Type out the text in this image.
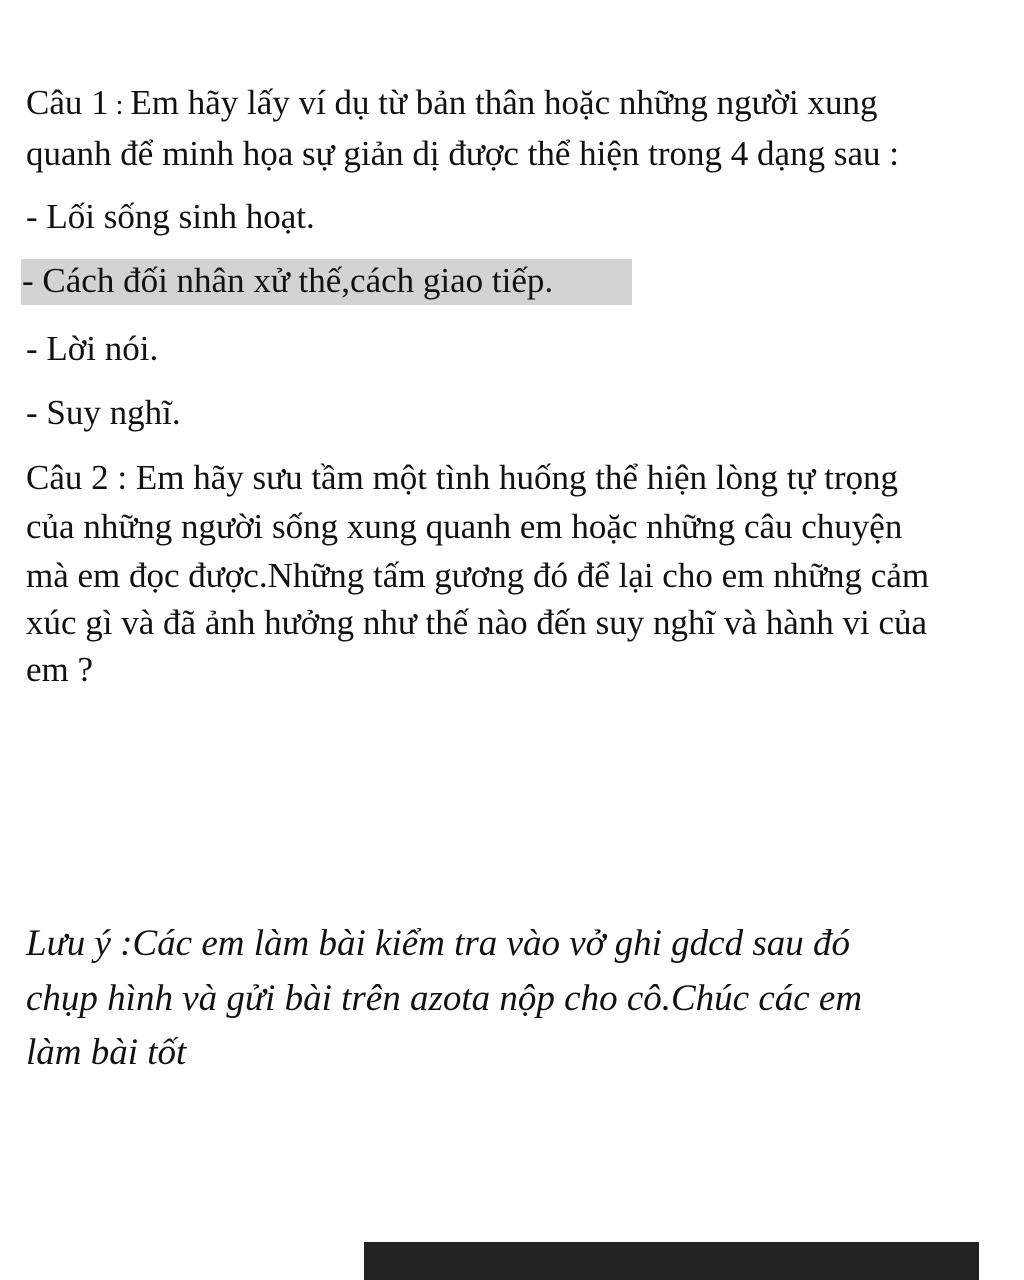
Câu 1 : Em hãy lấy ví dụ từ bản thân hoặc những người xung
quanh để minh họa sự giản dị được thể hiện trong 4 dạng sau :
- Lối sống sinh hoạt.
- Cách đối nhân xử thế,cách giao tiếp.
- Lời nói.
- Suy nghĩ.
Câu 2 : Em hãy sưu tầm một tình huống thể hiện lòng tự trọng
của những người sống xung quanh em hoặc những câu chuyện
mà em đọc được.Những tấm gương đó để lại cho em những cảm
xúc gì và đã ảnh hưởng như thế nào đến suy nghĩ và hành vi của
em ?
Lưu ý :Các em làm bài kiểm tra vào vở ghi gdcd sau đó
chụp hình và gửi bài trên azota nộp cho cô.Chúc các em
làm bài tốt
